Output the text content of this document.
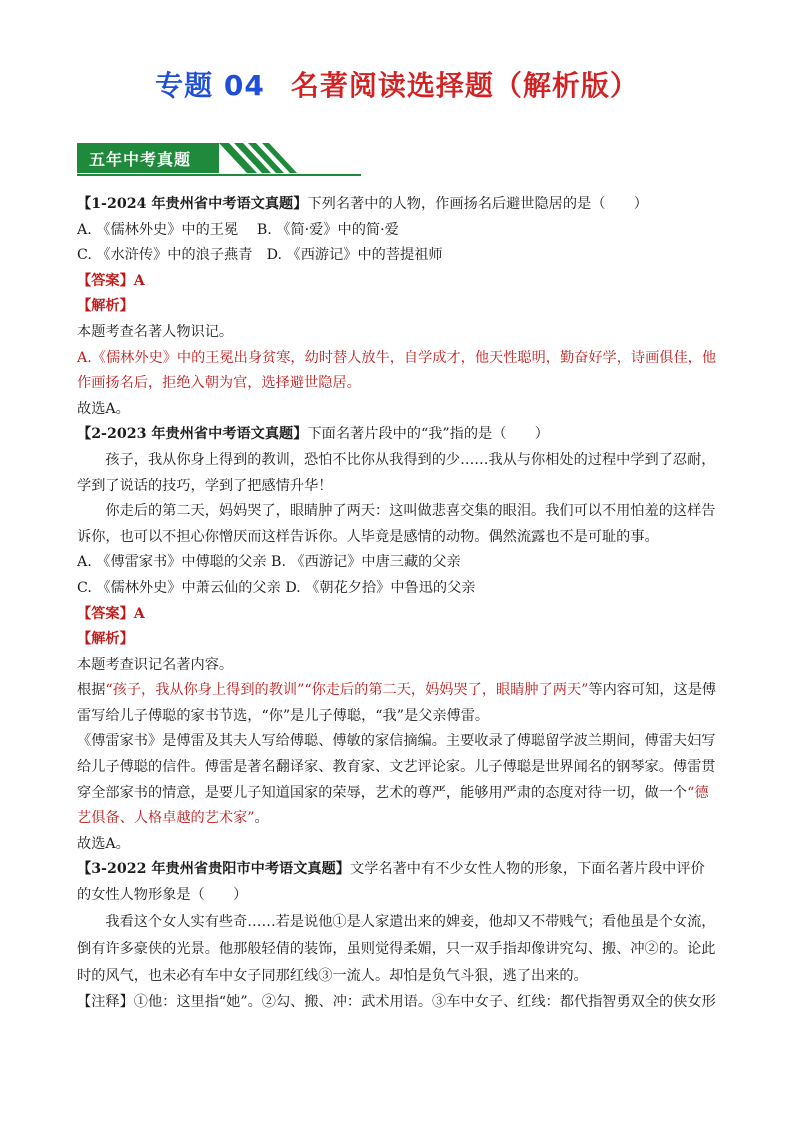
专题 04 名著阅读选择题（解析版）
五年中考真题

【1-2024 年贵州省中考语文真题】下列名著中的人物，作画扬名后避世隐居的是（　　）

A. 《儒林外史》中的王冕　 B. 《简·爱》中的简·爱

C. 《水浒传》中的浪子燕青　D. 《西游记》中的菩提祖师

【答案】A

【解析】

本题考查名著人物识记。

A.《儒林外史》中的王冕出身贫寒，幼时替人放牛，自学成才，他天性聪明，勤奋好学，诗画俱佳，他作画扬名后，拒绝入朝为官，选择避世隐居。

故选A。

【2-2023 年贵州省中考语文真题】下面名著片段中的“我”指的是（　　）

孩子，我从你身上得到的教训，恐怕不比你从我得到的少……我从与你相处的过程中学到了忍耐，学到了说话的技巧，学到了把感情升华！

你走后的第二天，妈妈哭了，眼睛肿了两天：这叫做悲喜交集的眼泪。我们可以不用怕羞的这样告诉你，也可以不担心你憎厌而这样告诉你。人毕竟是感情的动物。偶然流露也不是可耻的事。

A. 《傅雷家书》中傅聪的父亲 B. 《西游记》中唐三藏的父亲

C. 《儒林外史》中萧云仙的父亲 D. 《朝花夕拾》中鲁迅的父亲

【答案】A

【解析】

本题考查识记名著内容。

根据“孩子，我从你身上得到的教训”“你走后的第二天，妈妈哭了，眼睛肿了两天”等内容可知，这是傅雷写给儿子傅聪的家书节选，“你”是儿子傅聪，“我”是父亲傅雷。

《傅雷家书》是傅雷及其夫人写给傅聪、傅敏的家信摘编。主要收录了傅聪留学波兰期间，傅雷夫妇写给儿子傅聪的信件。傅雷是著名翻译家、教育家、文艺评论家。儿子傅聪是世界闻名的钢琴家。傅雷贯穿全部家书的情意，是要儿子知道国家的荣辱，艺术的尊严，能够用严肃的态度对待一切，做一个“德艺俱备、人格卓越的艺术家”。

故选A。

【3-2022 年贵州省贵阳市中考语文真题】文学名著中有不少女性人物的形象，下面名著片段中评价的女性人物形象是（　　）

我看这个女人实有些奇……若是说他①是人家遣出来的婢妾，他却又不带贱气；看他虽是个女流，倒有许多豪侠的光景。他那般轻倩的装饰，虽则觉得柔媚，只一双手指却像讲究勾、搬、冲②的。论此时的风气，也未必有车中女子同那红线③一流人。却怕是负气斗狠，逃了出来的。

【注释】①他：这里指“她”。②勾、搬、冲：武术用语。③车中女子、红线：都代指智勇双全的侠女形
